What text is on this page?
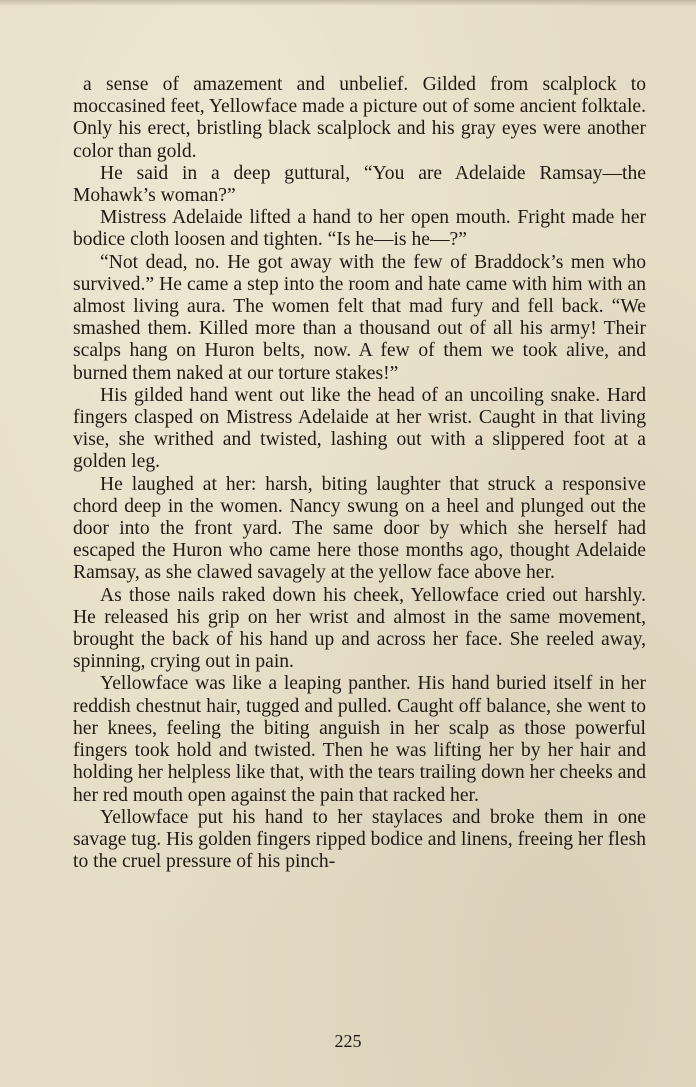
a sense of amazement and unbelief. Gilded from scalplock to moccasined feet, Yellowface made a picture out of some ancient folktale. Only his erect, bristling black scalplock and his gray eyes were another color than gold.

He said in a deep guttural, “You are Adelaide Ramsay—the Mohawk’s woman?”

Mistress Adelaide lifted a hand to her open mouth. Fright made her bodice cloth loosen and tighten. “Is he—is he—?”

“Not dead, no. He got away with the few of Braddock’s men who survived.” He came a step into the room and hate came with him with an almost living aura. The women felt that mad fury and fell back. “We smashed them. Killed more than a thousand out of all his army! Their scalps hang on Huron belts, now. A few of them we took alive, and burned them naked at our torture stakes!”

His gilded hand went out like the head of an uncoiling snake. Hard fingers clasped on Mistress Adelaide at her wrist. Caught in that living vise, she writhed and twisted, lashing out with a slippered foot at a golden leg.

He laughed at her: harsh, biting laughter that struck a responsive chord deep in the women. Nancy swung on a heel and plunged out the door into the front yard. The same door by which she herself had escaped the Huron who came here those months ago, thought Adelaide Ramsay, as she clawed savagely at the yellow face above her.

As those nails raked down his cheek, Yellowface cried out harshly. He released his grip on her wrist and almost in the same movement, brought the back of his hand up and across her face. She reeled away, spinning, crying out in pain.

Yellowface was like a leaping panther. His hand buried itself in her reddish chestnut hair, tugged and pulled. Caught off balance, she went to her knees, feeling the biting anguish in her scalp as those powerful fingers took hold and twisted. Then he was lifting her by her hair and holding her helpless like that, with the tears trailing down her cheeks and her red mouth open against the pain that racked her.

Yellowface put his hand to her staylaces and broke them in one savage tug. His golden fingers ripped bodice and linens, freeing her flesh to the cruel pressure of his pinch-

225
